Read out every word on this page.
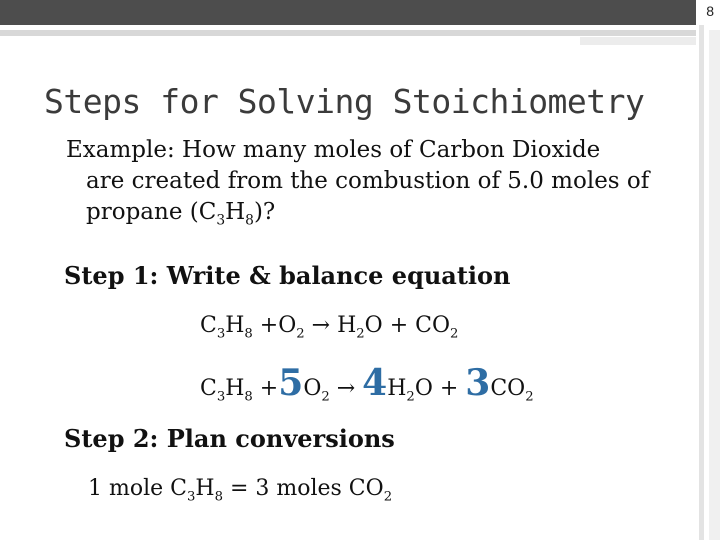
8
Steps for Solving Stoichiometry
Example: How many moles of Carbon Dioxide
are created from the combustion of 5.0 moles of
propane $(C_3H_8)$?
Step 1: Write & balance equation
$C_3H_8 +O_2 \to H_2O + CO_2$
$C_3H_8 +5O_2 \to 4H_2O + 3CO_2$
Step 2: Plan conversions
1 mole $C_3H_8 = 3$ moles $CO_2$
